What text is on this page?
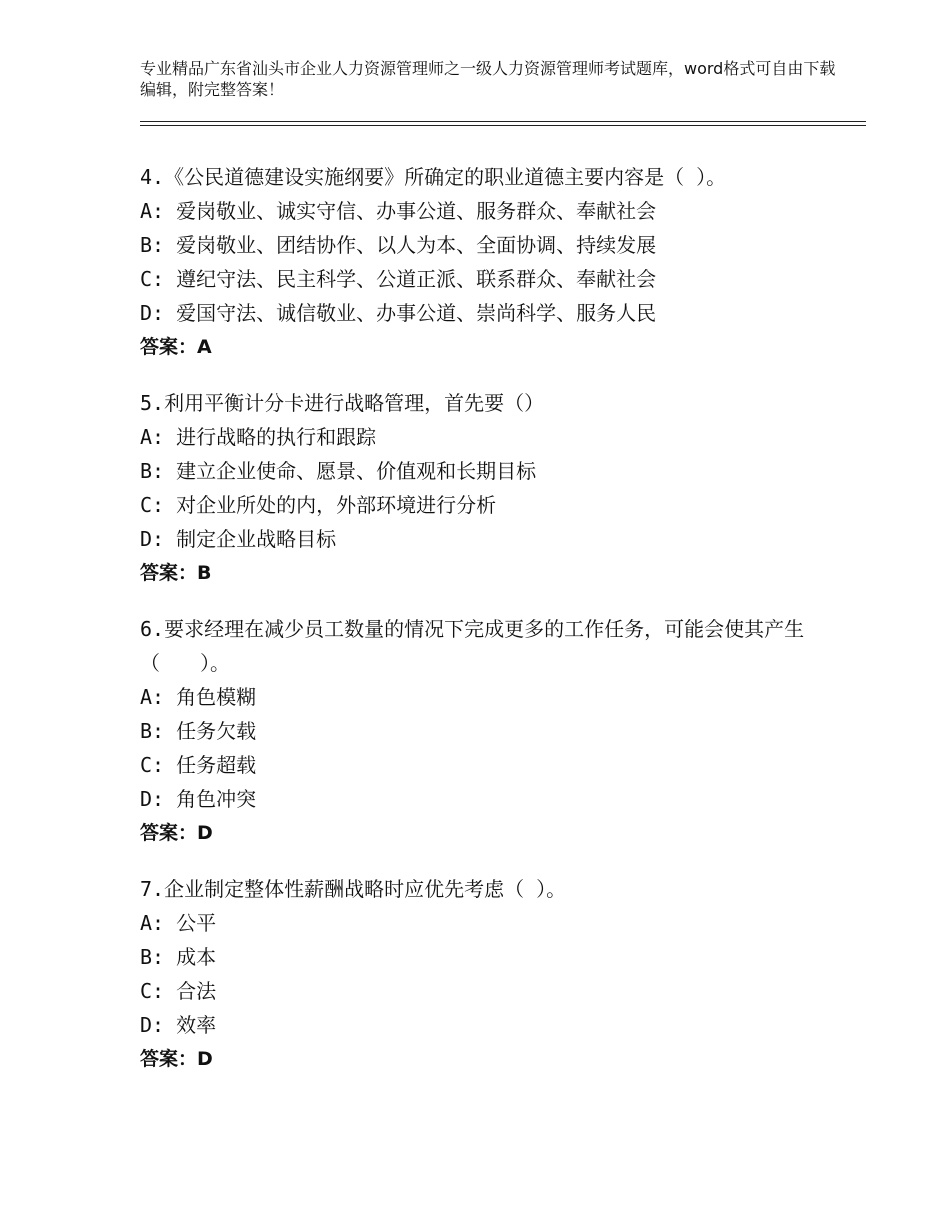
专业精品广东省汕头市企业人力资源管理师之一级人力资源管理师考试题库，word格式可自由下载编辑，附完整答案！
4.《公民道德建设实施纲要》所确定的职业道德主要内容是（ ）。
A: 爱岗敬业、诚实守信、办事公道、服务群众、奉献社会
B: 爱岗敬业、团结协作、以人为本、全面协调、持续发展
C: 遵纪守法、民主科学、公道正派、联系群众、奉献社会
D: 爱国守法、诚信敬业、办事公道、崇尚科学、服务人民
答案：A
5.利用平衡计分卡进行战略管理，首先要（）
A: 进行战略的执行和跟踪
B: 建立企业使命、愿景、价值观和长期目标
C: 对企业所处的内，外部环境进行分析
D: 制定企业战略目标
答案：B
6.要求经理在减少员工数量的情况下完成更多的工作任务，可能会使其产生（　　）。
A: 角色模糊
B: 任务欠载
C: 任务超载
D: 角色冲突
答案：D
7.企业制定整体性薪酬战略时应优先考虑（ ）。
A: 公平
B: 成本
C: 合法
D: 效率
答案：D
